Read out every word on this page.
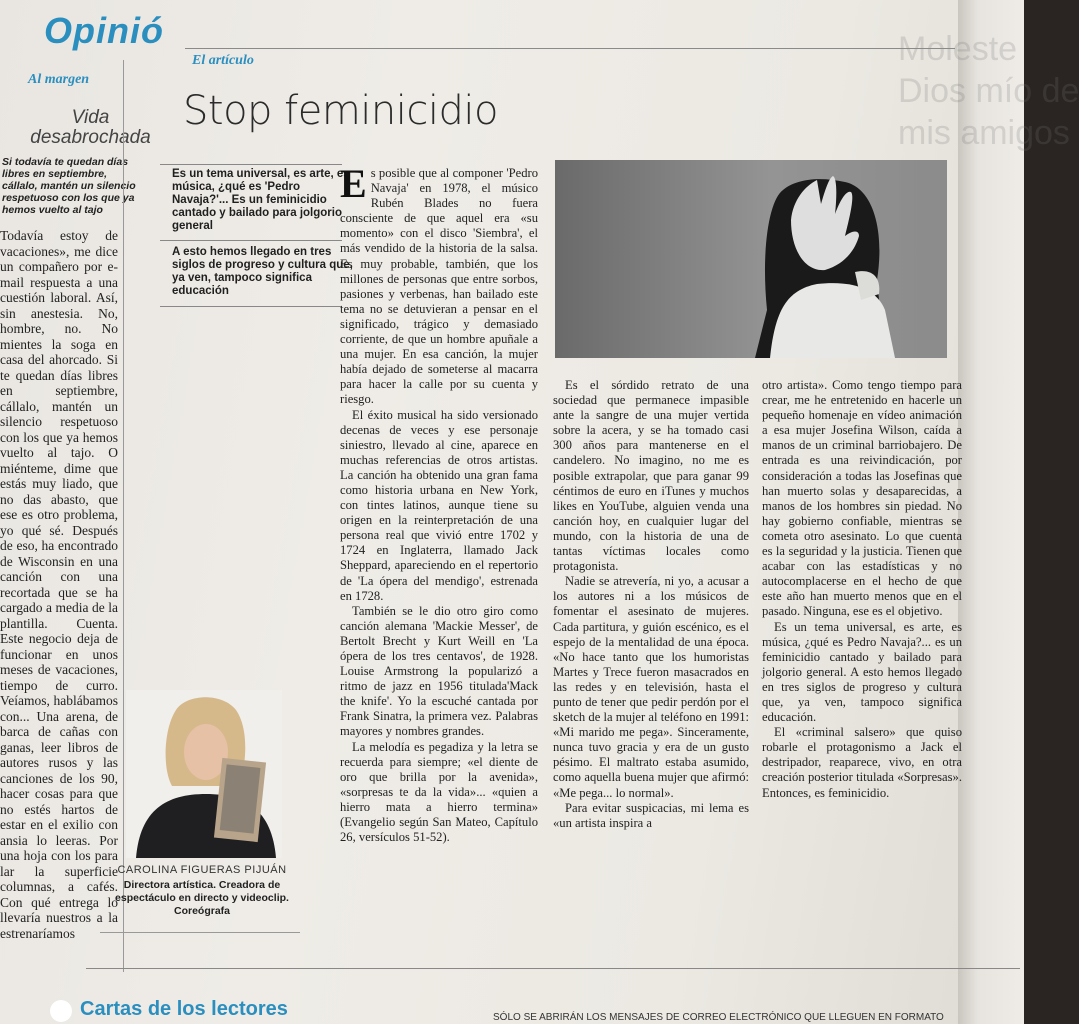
Moleste
Dios mío de
mis amigos
Opinió
Al margen
Vida desabrochada
Si todavía te quedan días libres en septiembre, cállalo, mantén un silencio respetuoso con los que ya hemos vuelto al tajo
Todavía estoy de vacaciones», me dice un compañero por e-mail respuesta a una cuestión laboral. Así, sin anestesia. No, hombre, no. No mientes la soga en casa del ahorcado. Si te quedan días libres en septiembre, cállalo, mantén un silencio respetuoso con los que ya hemos vuelto al tajo. O miénteme, dime que estás muy liado, que no das abasto, que ese es otro problema, yo qué sé. Después de eso, ha encontrado de Wisconsin en una canción con una recortada que se ha cargado a media de la plantilla. Cuenta. Este negocio deja de funcionar en unos meses de vacaciones, tiempo de curro. Veíamos, hablábamos con... Una arena, de barca de cañas con ganas, leer libros de autores rusos y las canciones de los 90, hacer cosas para que no estés hartos de estar en el exilio con ansia lo leeras. Por una hoja con los para lar la superficie columnas, a cafés. Con qué entrega lo llevaría nuestros a la estrenaríamos
El artículo
Stop feminicidio
Es un tema universal, es arte, es música, ¿qué es 'Pedro Navaja?'... Es un feminicidio cantado y bailado para jolgorio general
A esto hemos llegado en tres siglos de progreso y cultura que, ya ven, tampoco significa educación

Es posible que al componer 'Pedro Navaja' en 1978, el músico Rubén Blades no fuera consciente de que aquel era «su momento» con el disco 'Siembra', el más vendido de la historia de la salsa. Es muy probable, también, que los millones de personas que entre sorbos, pasiones y verbenas, han bailado este tema no se detuvieran a pensar en el significado, trágico y demasiado corriente, de que un hombre apuñale a una mujer. En esa canción, la mujer había dejado de someterse al macarra para hacer la calle por su cuenta y riesgo.

El éxito musical ha sido versionado decenas de veces y ese personaje siniestro, llevado al cine, aparece en muchas referencias de otros artistas. La canción ha obtenido una gran fama como historia urbana en New York, con tintes latinos, aunque tiene su origen en la reinterpretación de una persona real que vivió entre 1702 y 1724 en Inglaterra, llamado Jack Sheppard, apareciendo en el repertorio de 'La ópera del mendigo', estrenada en 1728.

También se le dio otro giro como canción alemana 'Mackie Messer', de Bertolt Brecht y Kurt Weill en 'La ópera de los tres centavos', de 1928. Louise Armstrong la popularizó a ritmo de jazz en 1956 titulada'Mack the knife'. Yo la escuché cantada por Frank Sinatra, la primera vez. Palabras mayores y nombres grandes.

La melodía es pegadiza y la letra se recuerda para siempre; «el diente de oro que brilla por la avenida», «sorpresas te da la vida»... «quien a hierro mata a hierro termina» (Evangelio según San Mateo, Capítulo 26, versículos 51-52).

Es el sórdido retrato de una sociedad que permanece impasible ante la sangre de una mujer vertida sobre la acera, y se ha tomado casi 300 años para mantenerse en el candelero. No imagino, no me es posible extrapolar, que para ganar 99 céntimos de euro en iTunes y muchos likes en YouTube, alguien venda una canción hoy, en cualquier lugar del mundo, con la historia de una de tantas víctimas locales como protagonista.

Nadie se atrevería, ni yo, a acusar a los autores ni a los músicos de fomentar el asesinato de mujeres. Cada partitura, y guión escénico, es el espejo de la mentalidad de una época. «No hace tanto que los humoristas Martes y Trece fueron masacrados en las redes y en televisión, hasta el punto de tener que pedir perdón por el sketch de la mujer al teléfono en 1991: «Mi marido me pega». Sinceramente, nunca tuvo gracia y era de un gusto pésimo. El maltrato estaba asumido, como aquella buena mujer que afirmó: «Me pega... lo normal».

Para evitar suspicacias, mi lema es «un artista inspira a

otro artista». Como tengo tiempo para crear, me he entretenido en hacerle un pequeño homenaje en vídeo animación a esa mujer Josefina Wilson, caída a manos de un criminal barriobajero. De entrada es una reivindicación, por consideración a todas las Josefinas que han muerto solas y desaparecidas, a manos de los hombres sin piedad. No hay gobierno confiable, mientras se cometa otro asesinato. Lo que cuenta es la seguridad y la justicia. Tienen que acabar con las estadísticas y no autocomplacerse en el hecho de que este año han muerto menos que en el pasado. Ninguna, ese es el objetivo.

Es un tema universal, es arte, es música, ¿qué es Pedro Navaja?... es un feminicidio cantado y bailado para jolgorio general. A esto hemos llegado en tres siglos de progreso y cultura que, ya ven, tampoco significa educación.

El «criminal salsero» que quiso robarle el protagonismo a Jack el destripador, reaparece, vivo, en otra creación posterior titulada «Sorpresas». Entonces, es feminicidio.

CAROLINA FIGUERAS PIJUÁN
Directora artística. Creadora de espectáculo en directo y videoclip. Coreógrafa
Cartas de los lectores	SÓLO SE ABRIRÁN LOS MENSAJES DE CORREO ELECTRÓNICO QUE LLEGUEN EN FORMATO
